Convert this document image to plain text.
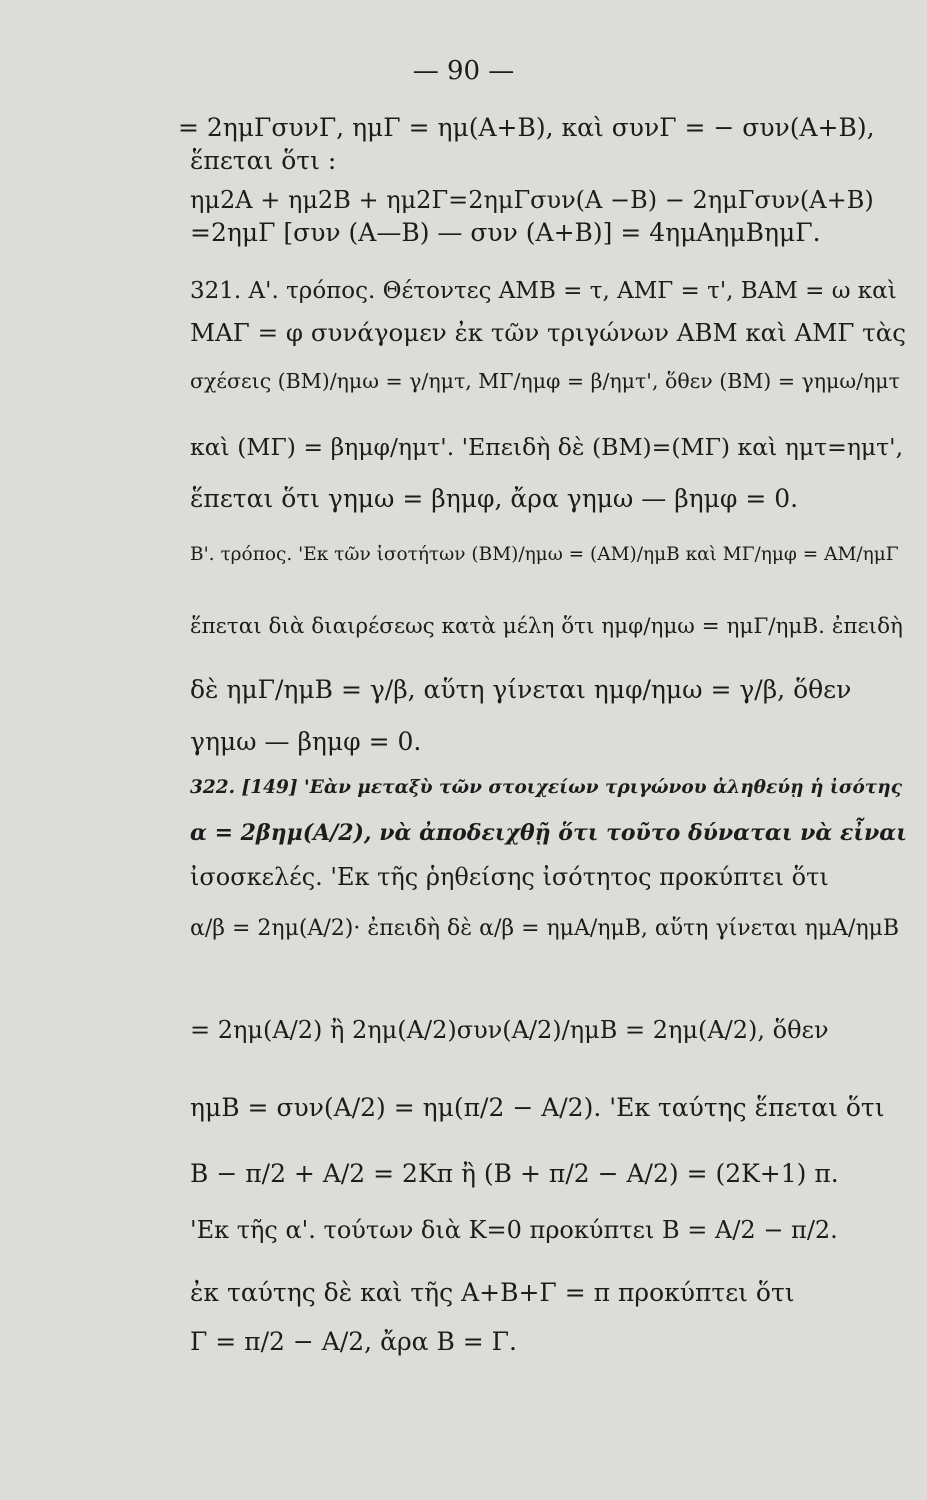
— 90 —
= 2ημΓσυνΓ, ημΓ = ημ(Α+Β), καὶ συνΓ = − συν(Α+Β),
ἕπεται ὅτι :
ημ2Α + ημ2Β + ημ2Γ=2ημΓσυν(Α −Β) − 2ημΓσυν(Α+Β)
=2ημΓ [συν (Α—Β) — συν (Α+Β)] = 4ημΑημΒημΓ.
321. Α'. τρόπος. Θέτοντες ΑMΒ = τ, ΑMΓ = τ', ΒΑM = ω καὶ
MΑΓ = φ συνάγομεν ἐκ τῶν τριγώνων ΑΒΜ καὶ ΑΜΓ τὰς
σχέσεις (ΒΜ)/ημω = γ/ημτ, ΜΓ/ημφ = β/ημτ', ὅθεν (ΒΜ) = γημω/ημτ
καὶ (ΜΓ) = βημφ/ημτ'. 'Επειδὴ δὲ (ΒΜ)=(ΜΓ) καὶ ημτ=ημτ',
ἕπεται ὅτι γημω = βημφ, ἄρα γημω — βημφ = 0.
Β'. τρόπος. 'Εκ τῶν ἰσοτήτων (ΒΜ)/ημω = (ΑΜ)/ημΒ καὶ ΜΓ/ημφ = ΑΜ/ημΓ
ἕπεται διὰ διαιρέσεως κατὰ μέλη ὅτι ημφ/ημω = ημΓ/ημΒ. ἐπειδὴ
δὲ ημΓ/ημΒ = γ/β, αὕτη γίνεται ημφ/ημω = γ/β, ὅθεν
γημω — βημφ = 0.
322. [149] 'Εὰν μεταξὺ τῶν στοιχείων τριγώνου ἀληθεύῃ ἡ ἰσότης
α = 2βημ(Α/2), νὰ ἀποδειχθῇ ὅτι τοῦτο δύναται νὰ εἶναι
ἰσοσκελές. 'Εκ τῆς ῥηθείσης ἰσότητος προκύπτει ὅτι
α/β = 2ημ(Α/2)· ἐπειδὴ δὲ α/β = ημΑ/ημΒ, αὕτη γίνεται ημΑ/ημΒ
= 2ημ(Α/2) ἢ 2ημ(Α/2)συν(Α/2)/ημΒ = 2ημ(Α/2), ὅθεν
ημΒ = συν(Α/2) = ημ(π/2 − Α/2). 'Εκ ταύτης ἕπεται ὅτι
Β − π/2 + Α/2 = 2Κπ ἢ (Β + π/2 − Α/2) = (2Κ+1) π.
'Εκ τῆς α'. τούτων διὰ Κ=0 προκύπτει Β = Α/2 − π/2.
ἐκ ταύτης δὲ καὶ τῆς Α+Β+Γ = π προκύπτει ὅτι
Γ = π/2 − Α/2, ἄρα Β = Γ.
